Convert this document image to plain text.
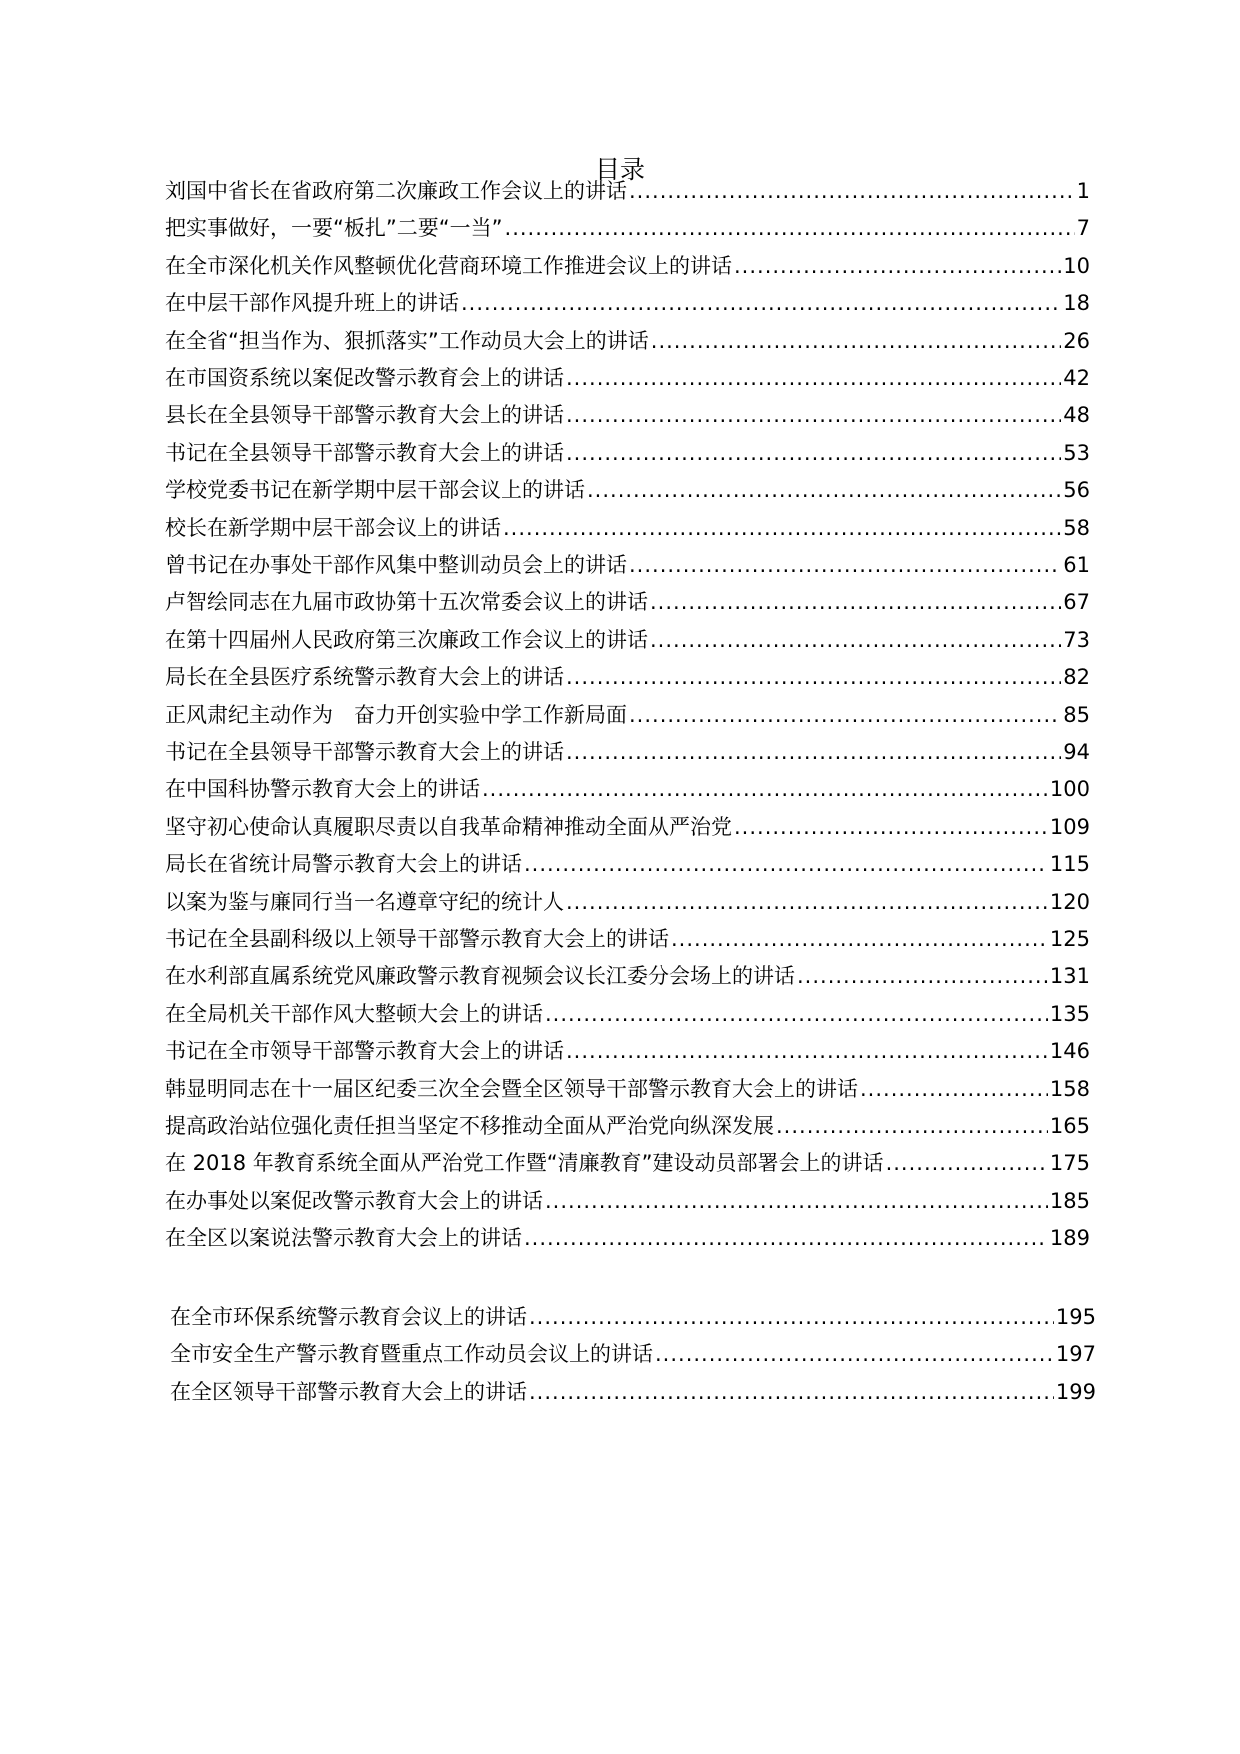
目录
刘国中省长在省政府第二次廉政工作会议上的讲话 .....	1
把实事做好，一要“板扎”二要“一当” .....	7
在全市深化机关作风整顿优化营商环境工作推进会议上的讲话 .....	10
在中层干部作风提升班上的讲话 .....	18
在全省“担当作为、狠抓落实”工作动员大会上的讲话 .....	26
在市国资系统以案促改警示教育会上的讲话 .....	42
县长在全县领导干部警示教育大会上的讲话 .....	48
书记在全县领导干部警示教育大会上的讲话 .....	53
学校党委书记在新学期中层干部会议上的讲话 .....	56
校长在新学期中层干部会议上的讲话 .....	58
曾书记在办事处干部作风集中整训动员会上的讲话 .....	61
卢智绘同志在九届市政协第十五次常委会议上的讲话 .....	67
在第十四届州人民政府第三次廉政工作会议上的讲话 .....	73
局长在全县医疗系统警示教育大会上的讲话 .....	82
正风肃纪主动作为　奋力开创实验中学工作新局面 .....	85
书记在全县领导干部警示教育大会上的讲话 .....	94
在中国科协警示教育大会上的讲话 .....	100
坚守初心使命认真履职尽责以自我革命精神推动全面从严治党 .....	109
局长在省统计局警示教育大会上的讲话 .....	115
以案为鉴与廉同行当一名遵章守纪的统计人 .....	120
书记在全县副科级以上领导干部警示教育大会上的讲话 .....	125
在水利部直属系统党风廉政警示教育视频会议长江委分会场上的讲话 .....	131
在全局机关干部作风大整顿大会上的讲话 .....	135
书记在全市领导干部警示教育大会上的讲话 .....	146
韩显明同志在十一届区纪委三次全会暨全区领导干部警示教育大会上的讲话 .....	158
提高政治站位强化责任担当坚定不移推动全面从严治党向纵深发展 .....	165
在 2018 年教育系统全面从严治党工作暨“清廉教育”建设动员部署会上的讲话 .....	175
在办事处以案促改警示教育大会上的讲话 .....	185
在全区以案说法警示教育大会上的讲话 .....	189
在全市环保系统警示教育会议上的讲话 .....	195
全市安全生产警示教育暨重点工作动员会议上的讲话 .....	197
在全区领导干部警示教育大会上的讲话 .....	199
